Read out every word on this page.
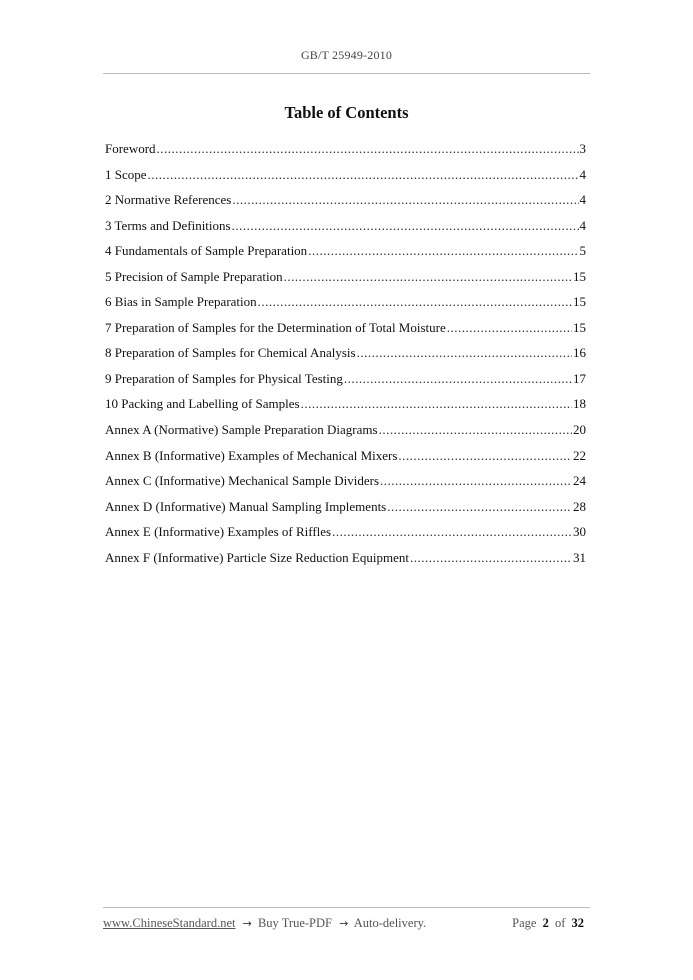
GB/T 25949-2010
Table of Contents
Foreword .....	3
1 Scope .....	4
2 Normative References .....	4
3 Terms and Definitions .....	4
4 Fundamentals of Sample Preparation .....	5
5 Precision of Sample Preparation .....	15
6 Bias in Sample Preparation .....	15
7 Preparation of Samples for the Determination of Total Moisture .....	15
8 Preparation of Samples for Chemical Analysis .....	16
9 Preparation of Samples for Physical Testing .....	17
10 Packing and Labelling of Samples .....	18
Annex A (Normative) Sample Preparation Diagrams .....	20
Annex B (Informative) Examples of Mechanical Mixers .....	22
Annex C (Informative) Mechanical Sample Dividers .....	24
Annex D (Informative) Manual Sampling Implements .....	28
Annex E (Informative) Examples of Riffles .....	30
Annex F (Informative) Particle Size Reduction Equipment .....	31
www.ChineseStandard.net → Buy True-PDF → Auto-delivery.	Page 2 of 32
